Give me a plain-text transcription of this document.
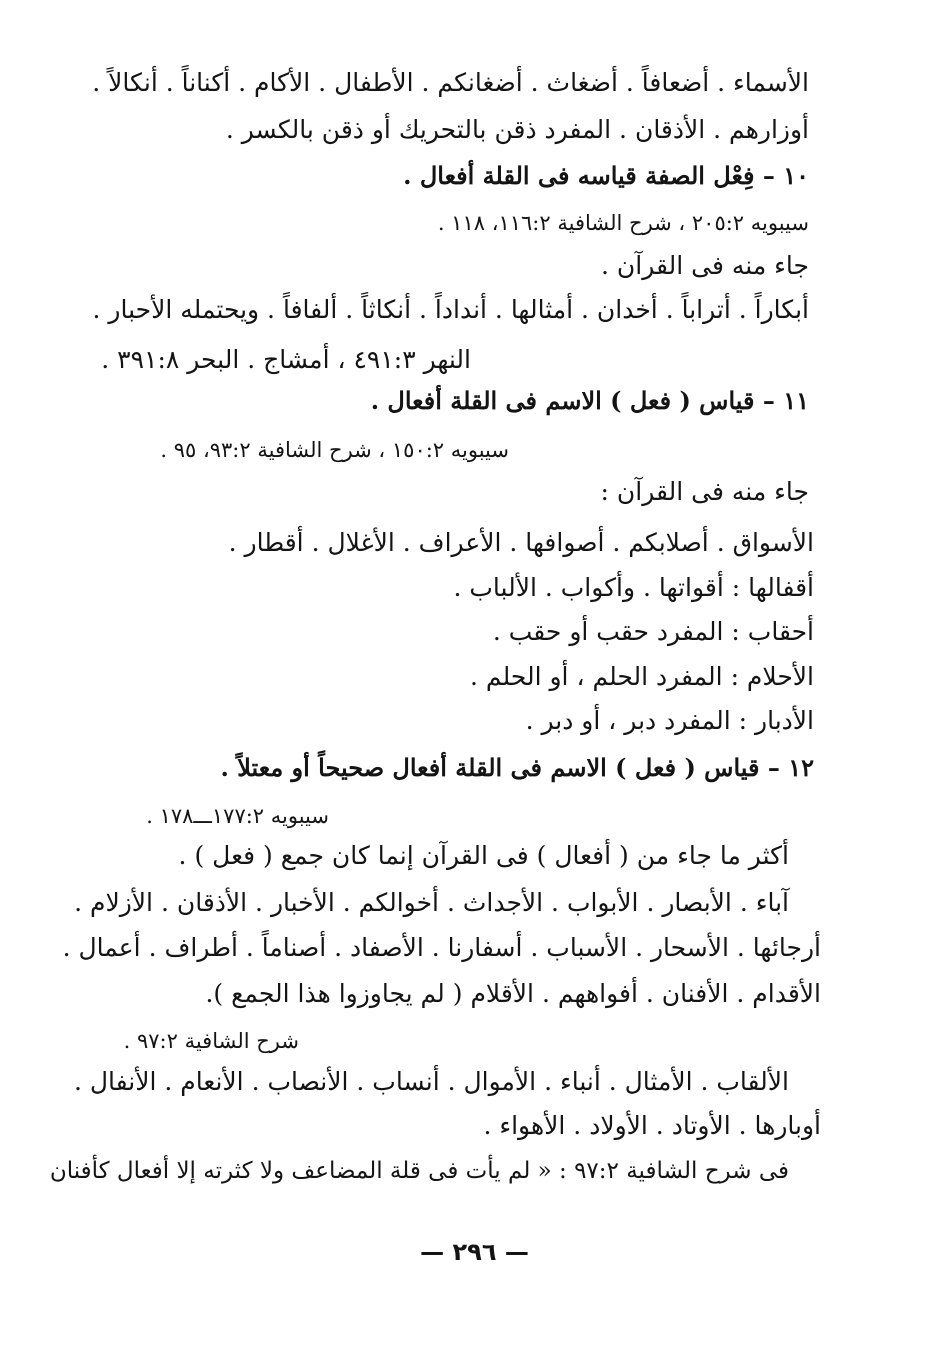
الأسماء . أضعافاً . أضغاث . أضغانكم . الأطفال . الأكام . أكناناً . أنكالاً .
أوزارهم . الأذقان . المفرد ذقن بالتحريك أو ذقن بالكسر .
١٠ – فِعْل الصفة قياسه فى القلة أفعال .
سيبويه ٢٠٥:٢ ، شرح الشافية ١١٦:٢، ١١٨ .
جاء منه فى القرآن .
أبكاراً . أتراباً . أخدان . أمثالها . أنداداً . أنكاثاً . ألفافاً . ويحتمله الأحبار .
النهر ٤٩١:٣ ، أمشاج . البحر ٣٩١:٨ .
١١ – قياس ( فعل ) الاسم فى القلة أفعال .
سيبويه ١٥٠:٢ ، شرح الشافية ٩٣:٢، ٩٥ .
جاء منه فى القرآن :
الأسواق . أصلابكم . أصوافها . الأعراف . الأغلال . أقطار .
أقفالها : أقواتها . وأكواب . الألباب .
أحقاب : المفرد حقب أو حقب .
الأحلام : المفرد الحلم ، أو الحلم .
الأدبار : المفرد دبر ، أو دبر .
١٢ – قياس ( فعل ) الاسم فى القلة أفعال صحيحاً أو معتلاً .
سيبويه ١٧٧:٢ـــ١٧٨ .
أكثر ما جاء من ( أفعال ) فى القرآن إنما كان جمع ( فعل ) .
آباء . الأبصار . الأبواب . الأجداث . أخوالكم . الأخبار . الأذقان . الأزلام .
أرجائها . الأسحار . الأسباب . أسفارنا . الأصفاد . أصناماً . أطراف . أعمال .
الأقدام . الأفنان . أفواههم . الأقلام ( لم يجاوزوا هذا الجمع ).
شرح الشافية ٩٧:٢ .
الألقاب . الأمثال . أنباء . الأموال . أنساب . الأنصاب . الأنعام . الأنفال .
أوبارها . الأوتاد . الأولاد . الأهواء .
فى شرح الشافية ٩٧:٢ : « لم يأت فى قلة المضاعف ولا كثرته إلا أفعال كأفنان
— ٢٩٦ —
